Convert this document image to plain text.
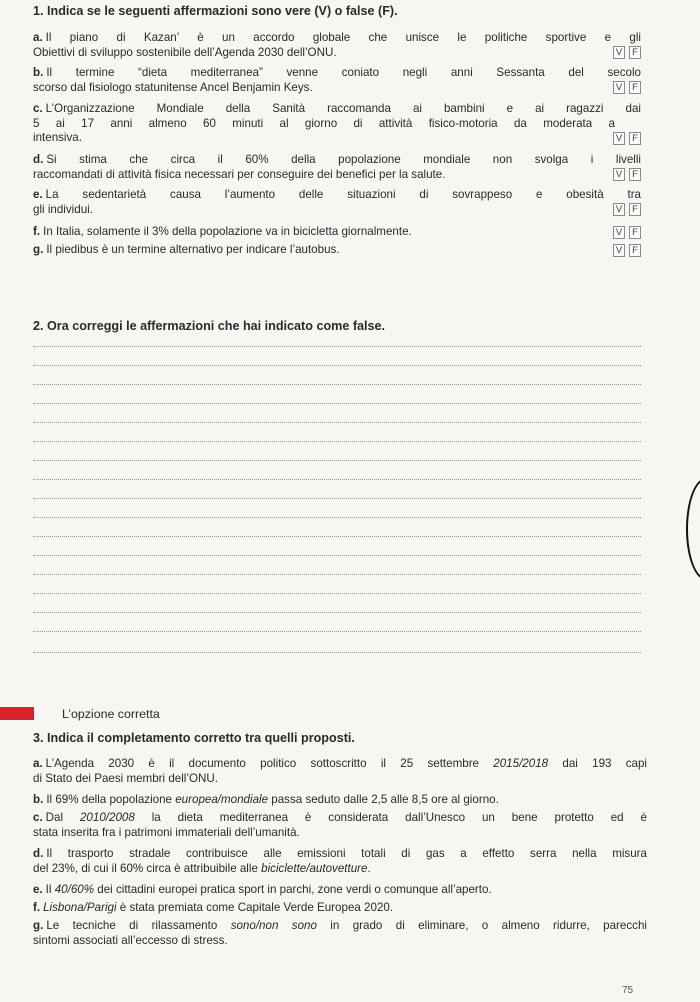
1. Indica se le seguenti affermazioni sono vere (V) o false (F).
a. Il piano di Kazan’ è un accordo globale che unisce le politiche sportive e gli
Obiettivi di sviluppo sostenibile dell’Agenda 2030 dell’ONU.	V	F
b. Il termine “dieta mediterranea” venne coniato negli anni Sessanta del secolo
scorso dal fisiologo statunitense Ancel Benjamin Keys.	V	F
c. L’Organizzazione Mondiale della Sanità raccomanda ai bambini e ai ragazzi dai
5 ai 17 anni almeno 60 minuti al giorno di attività fisico-motoria da moderata a
intensiva.	V	F
d. Si stima che circa il 60% della popolazione mondiale non svolga i livelli
raccomandati di attività fisica necessari per conseguire dei benefici per la salute.	V	F
e. La sedentarietà causa l’aumento delle situazioni di sovrappeso e obesità tra
gli individui.	V	F
f. In Italia, solamente il 3% della popolazione va in bicicletta giornalmente.	V	F
g. Il piedibus è un termine alternativo per indicare l’autobus.	V	F
2. Ora correggi le affermazioni che hai indicato come false.
L’opzione corretta
3. Indica il completamento corretto tra quelli proposti.
a. L’Agenda 2030 è il documento politico sottoscritto il 25 settembre 2015/2018 dai 193 capi
di Stato dei Paesi membri dell’ONU.
b. Il 69% della popolazione europea/mondiale passa seduto dalle 2,5 alle 8,5 ore al giorno.
c. Dal 2010/2008 la dieta mediterranea è considerata dall’Unesco un bene protetto ed è
stata inserita fra i patrimoni immateriali dell’umanità.
d. Il trasporto stradale contribuisce alle emissioni totali di gas a effetto serra nella misura
del 23%, di cui il 60% circa è attribuibile alle biciclette/autovetture.
e. Il 40/60% dei cittadini europei pratica sport in parchi, zone verdi o comunque all’aperto.
f. Lisbona/Parigi è stata premiata come Capitale Verde Europea 2020.
g. Le tecniche di rilassamento sono/non sono in grado di eliminare, o almeno ridurre, parecchi
sintomi associati all’eccesso di stress.
75
